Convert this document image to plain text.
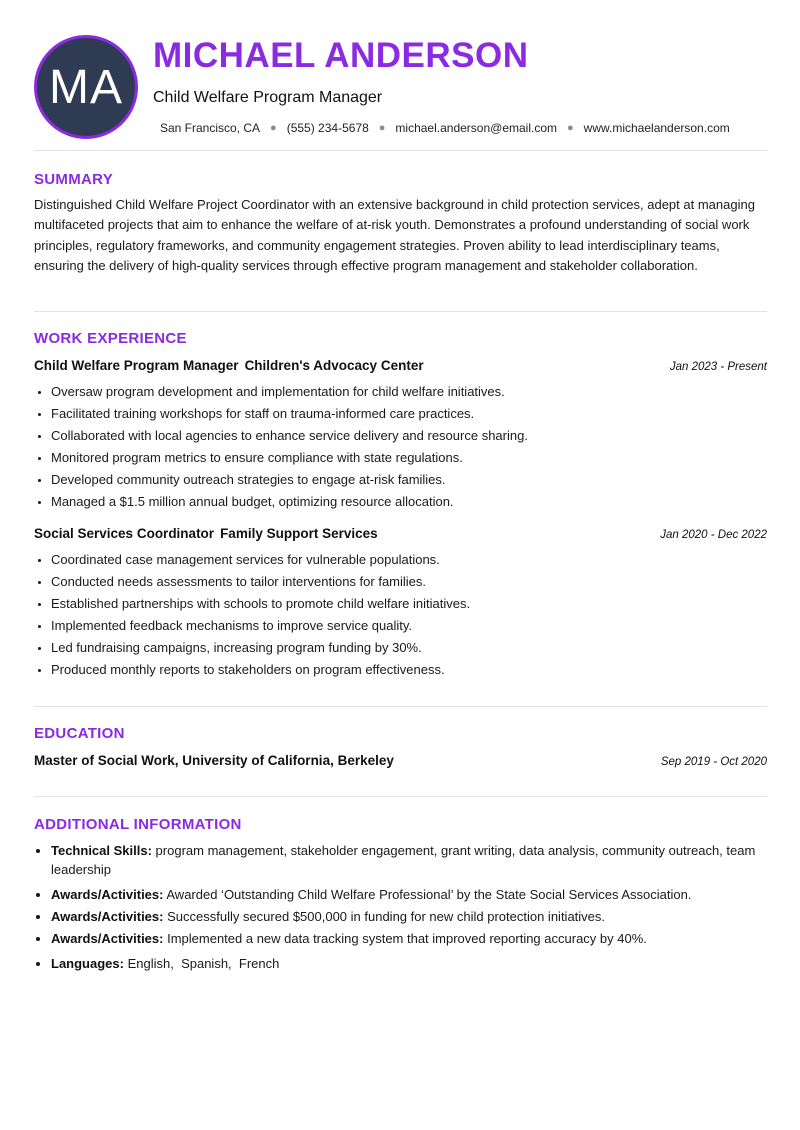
MA
MICHAEL ANDERSON
Child Welfare Program Manager
San Francisco, CA ● (555) 234-5678 ● michael.anderson@email.com ● www.michaelanderson.com
SUMMARY

Distinguished Child Welfare Project Coordinator with an extensive background in child protection services, adept at managing multifaceted projects that aim to enhance the welfare of at-risk youth. Demonstrates a profound understanding of social work principles, regulatory frameworks, and community engagement strategies. Proven ability to lead interdisciplinary teams, ensuring the delivery of high-quality services through effective program management and stakeholder collaboration.

WORK EXPERIENCE
Child Welfare Program Manager Children's Advocacy Center	Jan 2023 - Present
• Oversaw program development and implementation for child welfare initiatives.
• Facilitated training workshops for staff on trauma-informed care practices.
• Collaborated with local agencies to enhance service delivery and resource sharing.
• Monitored program metrics to ensure compliance with state regulations.
• Developed community outreach strategies to engage at-risk families.
• Managed a $1.5 million annual budget, optimizing resource allocation.
Social Services Coordinator Family Support Services	Jan 2020 - Dec 2022
• Coordinated case management services for vulnerable populations.
• Conducted needs assessments to tailor interventions for families.
• Established partnerships with schools to promote child welfare initiatives.
• Implemented feedback mechanisms to improve service quality.
• Led fundraising campaigns, increasing program funding by 30%.
• Produced monthly reports to stakeholders on program effectiveness.
EDUCATION
Master of Social Work, University of California, Berkeley	Sep 2019 - Oct 2020
ADDITIONAL INFORMATION
• Technical Skills: program management, stakeholder engagement, grant writing, data analysis, community outreach, team leadership
• Awards/Activities: Awarded ‘Outstanding Child Welfare Professional’ by the State Social Services Association.
• Awards/Activities: Successfully secured $500,000 in funding for new child protection initiatives.
• Awards/Activities: Implemented a new data tracking system that improved reporting accuracy by 40%.
• Languages: English,  Spanish,  French
